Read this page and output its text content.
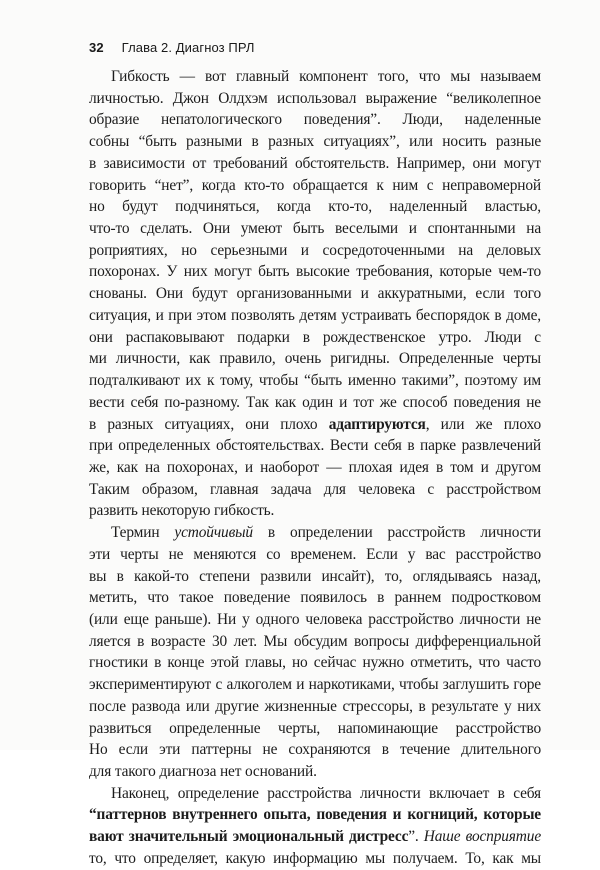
32 Глава 2. Диагноз ПРЛ
Гибкость — вот главный компонент того, что мы называем
личностью. Джон Олдхэм использовал выражение “великолепное
образие непатологического поведения”. Люди, наделенные
собны “быть разными в разных ситуациях”, или носить разные
в зависимости от требований обстоятельств. Например, они могут
говорить “нет”, когда кто-то обращается к ним с неправомерной
но будут подчиняться, когда кто-то, наделенный властью,
что-то сделать. Они умеют быть веселыми и спонтанными на
роприятиях, но серьезными и сосредоточенными на деловых
похоронах. У них могут быть высокие требования, которые чем-то
снованы. Они будут организованными и аккуратными, если того
ситуация, и при этом позволять детям устраивать беспорядок в доме,
они распаковывают подарки в рождественское утро. Люди с
ми личности, как правило, очень ригидны. Определенные черты
подталкивают их к тому, чтобы “быть именно такими”, поэтому им
вести себя по-разному. Так как один и тот же способ поведения не
в разных ситуациях, они плохо адаптируются, или же плохо
при определенных обстоятельствах. Вести себя в парке развлечений
же, как на похоронах, и наоборот — плохая идея в том и другом
Таким образом, главная задача для человека с расстройством
развить некоторую гибкость.
Термин устойчивый в определении расстройств личности
эти черты не меняются со временем. Если у вас расстройство
вы в какой-то степени развили инсайт), то, оглядываясь назад,
метить, что такое поведение появилось в раннем подростковом
(или еще раньше). Ни у одного человека расстройство личности не
ляется в возрасте 30 лет. Мы обсудим вопросы дифференциальной
гностики в конце этой главы, но сейчас нужно отметить, что часто
экспериментируют с алкоголем и наркотиками, чтобы заглушить горе
после развода или другие жизненные стрессоры, в результате у них
развиться определенные черты, напоминающие расстройство
Но если эти паттерны не сохраняются в течение длительного
для такого диагноза нет оснований.
Наконец, определение расстройства личности включает в себя
“паттернов внутреннего опыта, поведения и когниций, которые
вают значительный эмоциональный дистресс”. Наше восприятие
то, что определяет, какую информацию мы получаем. То, как мы
